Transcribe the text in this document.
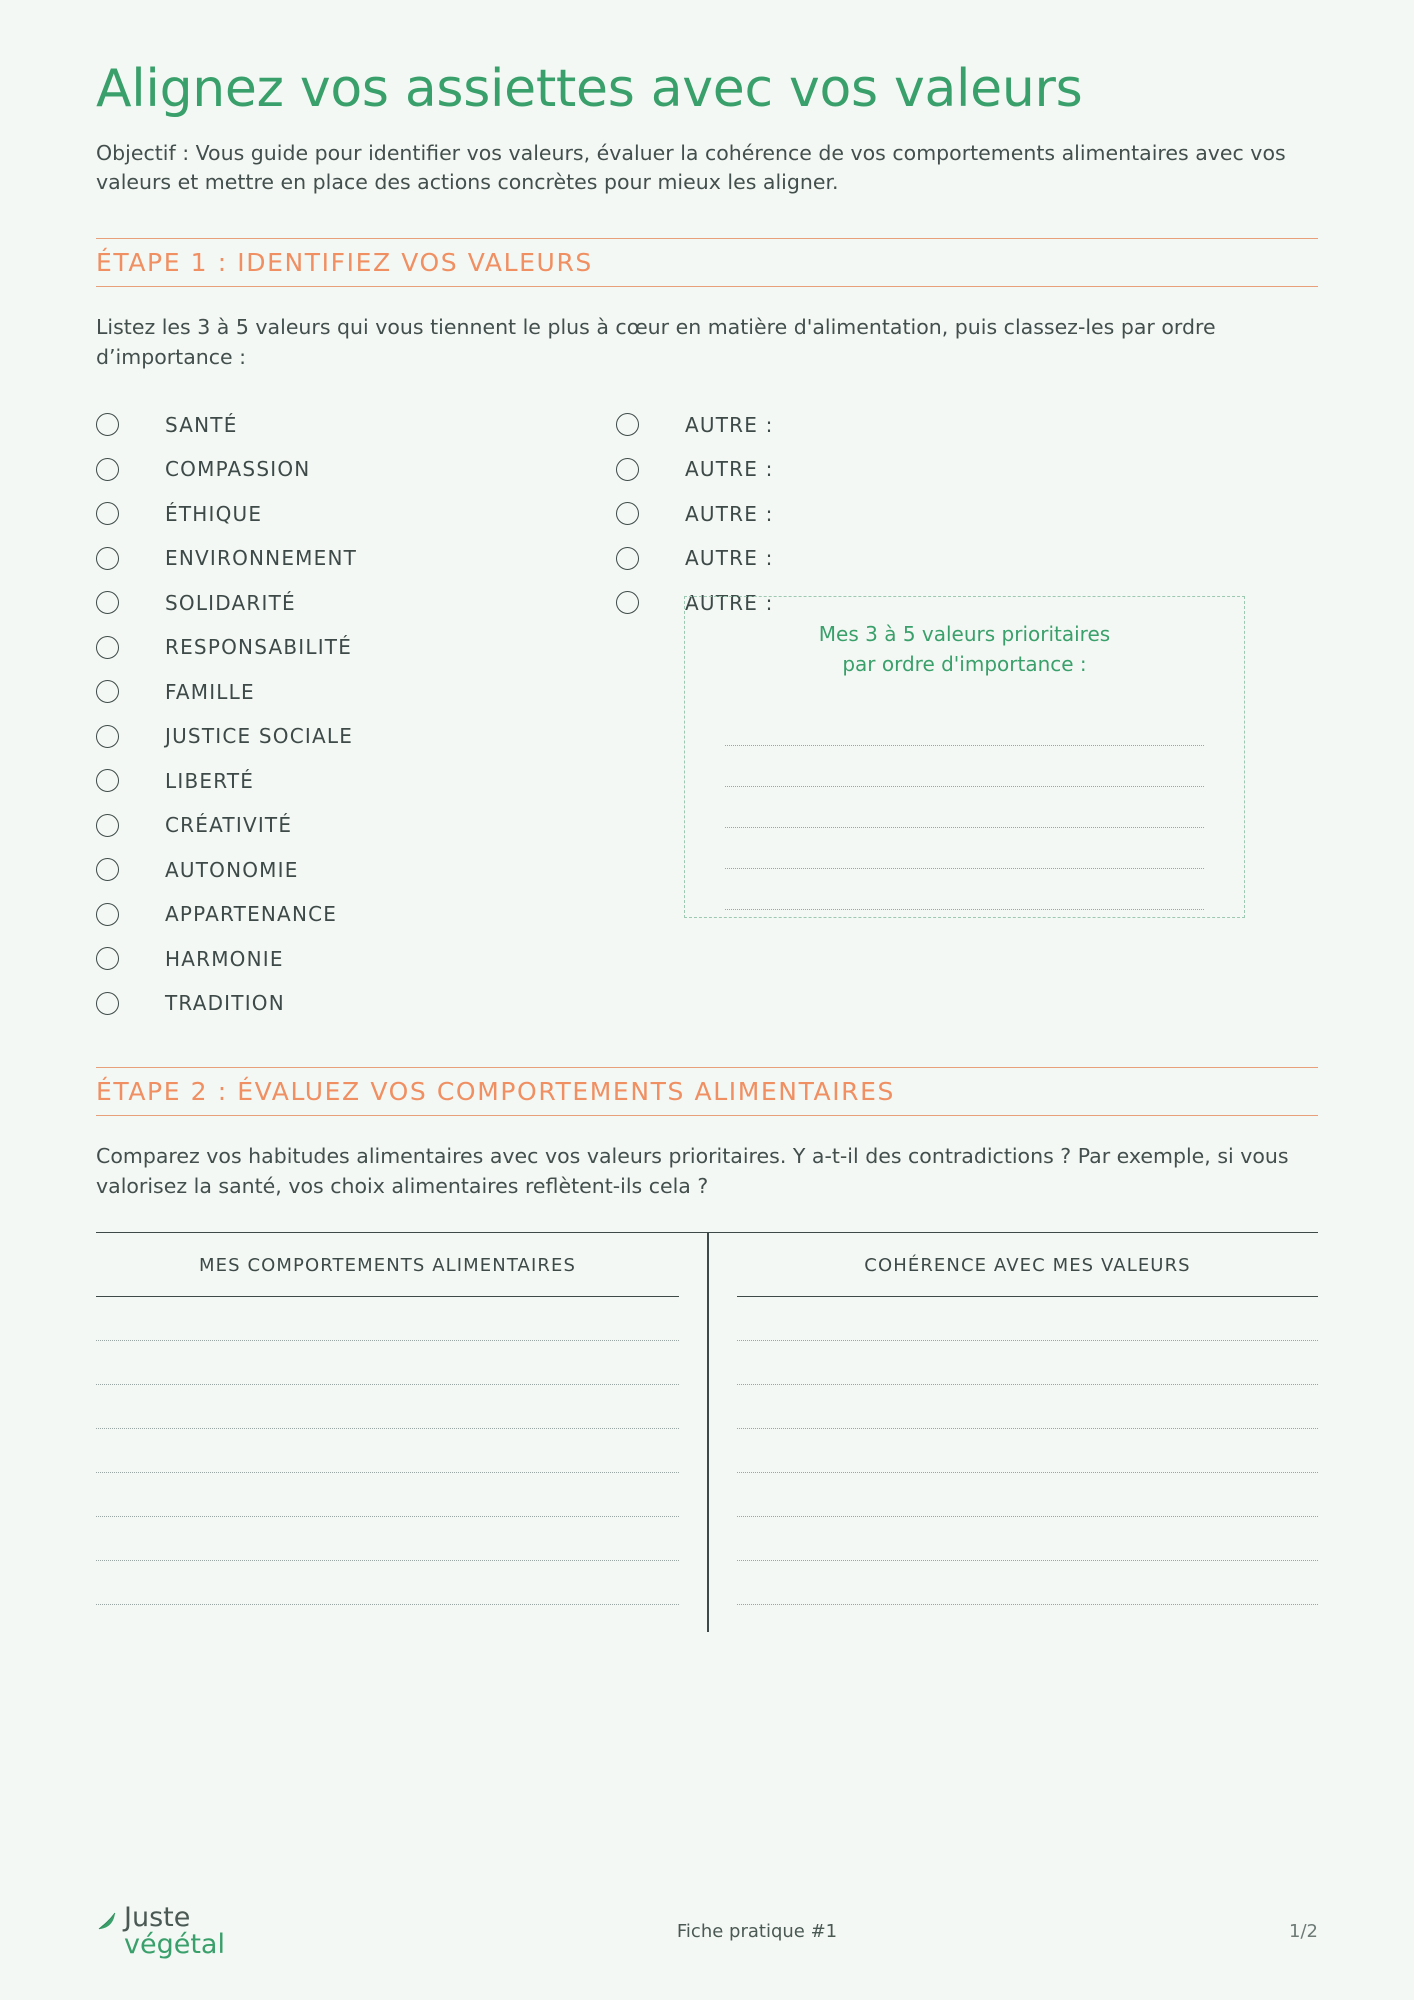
Alignez vos assiettes avec vos valeurs

Objectif : Vous guide pour identifier vos valeurs, évaluer la cohérence de vos comportements alimentaires avec vos valeurs et mettre en place des actions concrètes pour mieux les aligner.

ÉTAPE 1 : IDENTIFIEZ VOS VALEURS

Listez les 3 à 5 valeurs qui vous tiennent le plus à cœur en matière d'alimentation, puis classez-les par ordre d’importance :

SANTÉ
COMPASSION
ÉTHIQUE
ENVIRONNEMENT
SOLIDARITÉ
RESPONSABILITÉ
FAMILLE
JUSTICE SOCIALE
LIBERTÉ
CRÉATIVITÉ
AUTONOMIE
APPARTENANCE
HARMONIE
TRADITION
AUTRE :
AUTRE :
AUTRE :
AUTRE :
AUTRE :
Mes 3 à 5 valeurs prioritaires
par ordre d'importance :
ÉTAPE 2 : ÉVALUEZ VOS COMPORTEMENTS ALIMENTAIRES

Comparez vos habitudes alimentaires avec vos valeurs prioritaires. Y a-t-il des contradictions ? Par exemple, si vous valorisez la santé, vos choix alimentaires reflètent-ils cela ?

MES COMPORTEMENTS ALIMENTAIRES	COHÉRENCE AVEC MES VALEURS
Juste
végétal	Fiche pratique #1	1/2
